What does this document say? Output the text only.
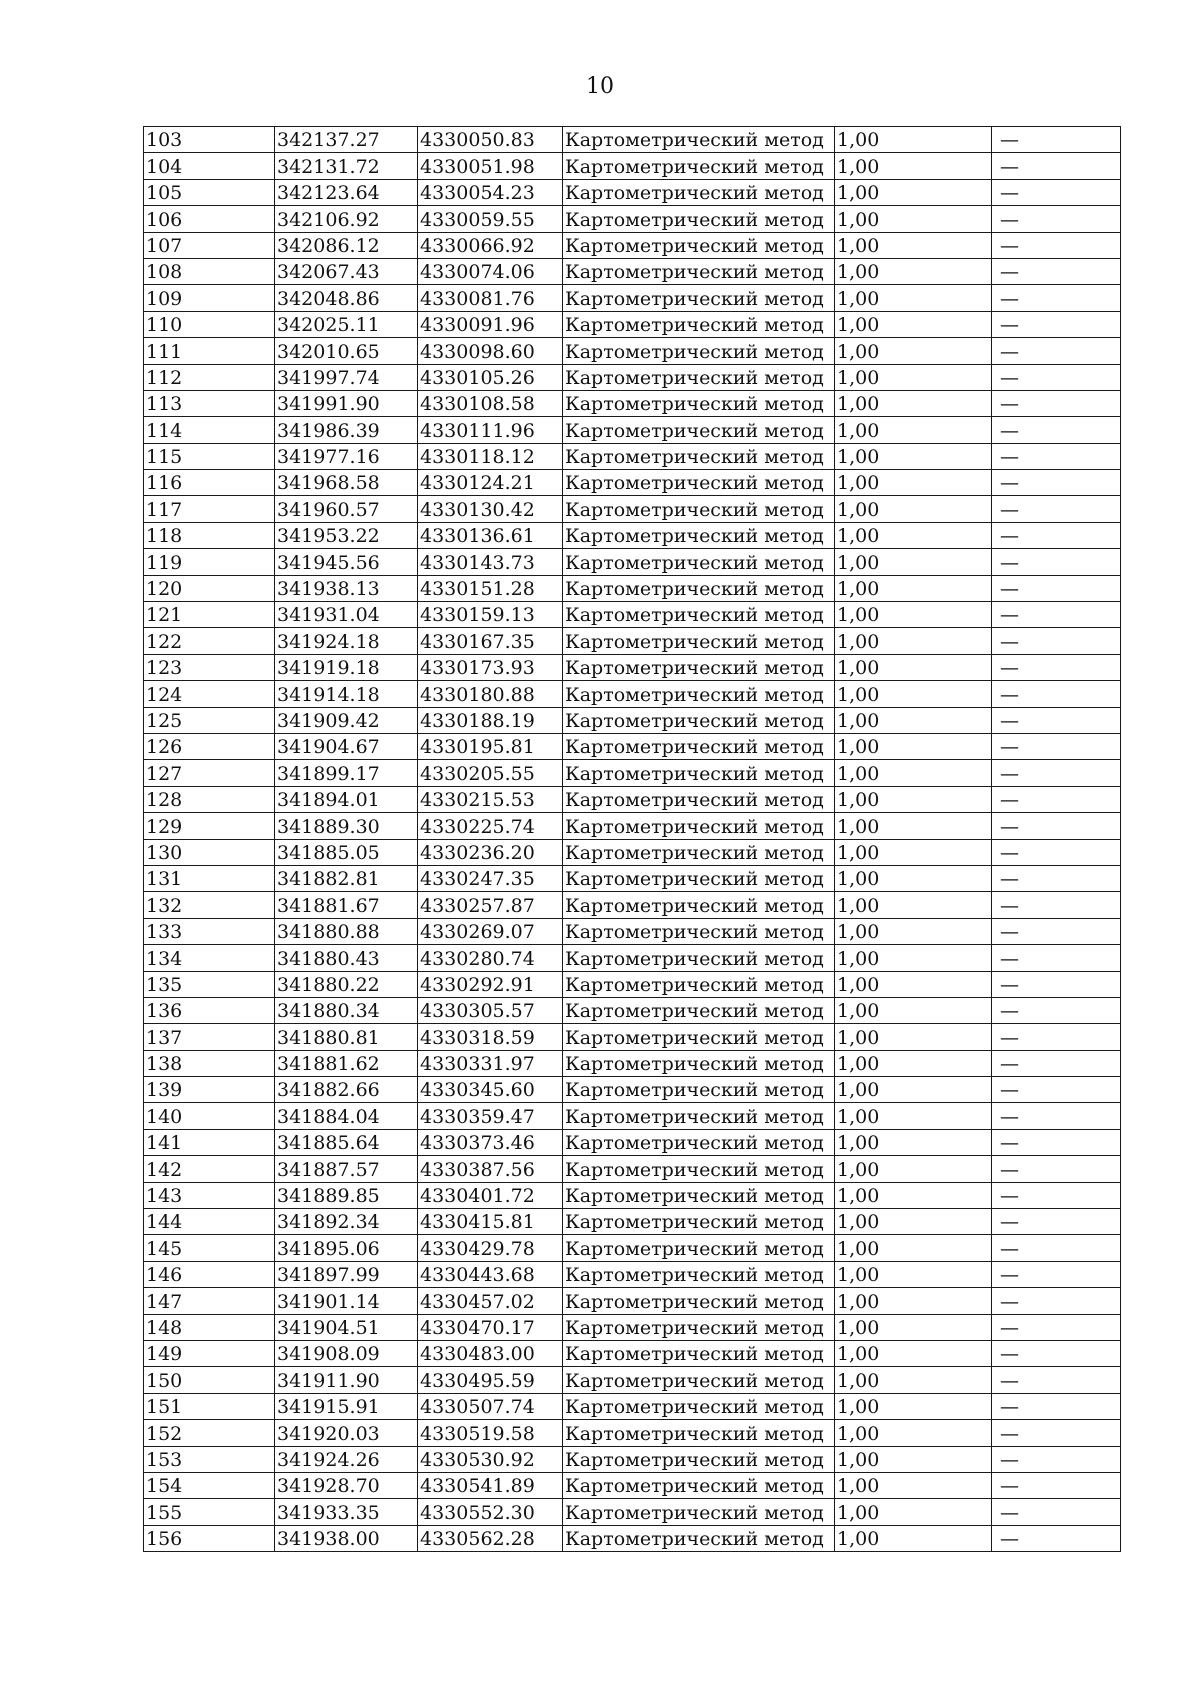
10
103	342137.27	4330050.83	Картометрический метод	1,00	—
104	342131.72	4330051.98	Картометрический метод	1,00	—
105	342123.64	4330054.23	Картометрический метод	1,00	—
106	342106.92	4330059.55	Картометрический метод	1,00	—
107	342086.12	4330066.92	Картометрический метод	1,00	—
108	342067.43	4330074.06	Картометрический метод	1,00	—
109	342048.86	4330081.76	Картометрический метод	1,00	—
110	342025.11	4330091.96	Картометрический метод	1,00	—
111	342010.65	4330098.60	Картометрический метод	1,00	—
112	341997.74	4330105.26	Картометрический метод	1,00	—
113	341991.90	4330108.58	Картометрический метод	1,00	—
114	341986.39	4330111.96	Картометрический метод	1,00	—
115	341977.16	4330118.12	Картометрический метод	1,00	—
116	341968.58	4330124.21	Картометрический метод	1,00	—
117	341960.57	4330130.42	Картометрический метод	1,00	—
118	341953.22	4330136.61	Картометрический метод	1,00	—
119	341945.56	4330143.73	Картометрический метод	1,00	—
120	341938.13	4330151.28	Картометрический метод	1,00	—
121	341931.04	4330159.13	Картометрический метод	1,00	—
122	341924.18	4330167.35	Картометрический метод	1,00	—
123	341919.18	4330173.93	Картометрический метод	1,00	—
124	341914.18	4330180.88	Картометрический метод	1,00	—
125	341909.42	4330188.19	Картометрический метод	1,00	—
126	341904.67	4330195.81	Картометрический метод	1,00	—
127	341899.17	4330205.55	Картометрический метод	1,00	—
128	341894.01	4330215.53	Картометрический метод	1,00	—
129	341889.30	4330225.74	Картометрический метод	1,00	—
130	341885.05	4330236.20	Картометрический метод	1,00	—
131	341882.81	4330247.35	Картометрический метод	1,00	—
132	341881.67	4330257.87	Картометрический метод	1,00	—
133	341880.88	4330269.07	Картометрический метод	1,00	—
134	341880.43	4330280.74	Картометрический метод	1,00	—
135	341880.22	4330292.91	Картометрический метод	1,00	—
136	341880.34	4330305.57	Картометрический метод	1,00	—
137	341880.81	4330318.59	Картометрический метод	1,00	—
138	341881.62	4330331.97	Картометрический метод	1,00	—
139	341882.66	4330345.60	Картометрический метод	1,00	—
140	341884.04	4330359.47	Картометрический метод	1,00	—
141	341885.64	4330373.46	Картометрический метод	1,00	—
142	341887.57	4330387.56	Картометрический метод	1,00	—
143	341889.85	4330401.72	Картометрический метод	1,00	—
144	341892.34	4330415.81	Картометрический метод	1,00	—
145	341895.06	4330429.78	Картометрический метод	1,00	—
146	341897.99	4330443.68	Картометрический метод	1,00	—
147	341901.14	4330457.02	Картометрический метод	1,00	—
148	341904.51	4330470.17	Картометрический метод	1,00	—
149	341908.09	4330483.00	Картометрический метод	1,00	—
150	341911.90	4330495.59	Картометрический метод	1,00	—
151	341915.91	4330507.74	Картометрический метод	1,00	—
152	341920.03	4330519.58	Картометрический метод	1,00	—
153	341924.26	4330530.92	Картометрический метод	1,00	—
154	341928.70	4330541.89	Картометрический метод	1,00	—
155	341933.35	4330552.30	Картометрический метод	1,00	—
156	341938.00	4330562.28	Картометрический метод	1,00	—
